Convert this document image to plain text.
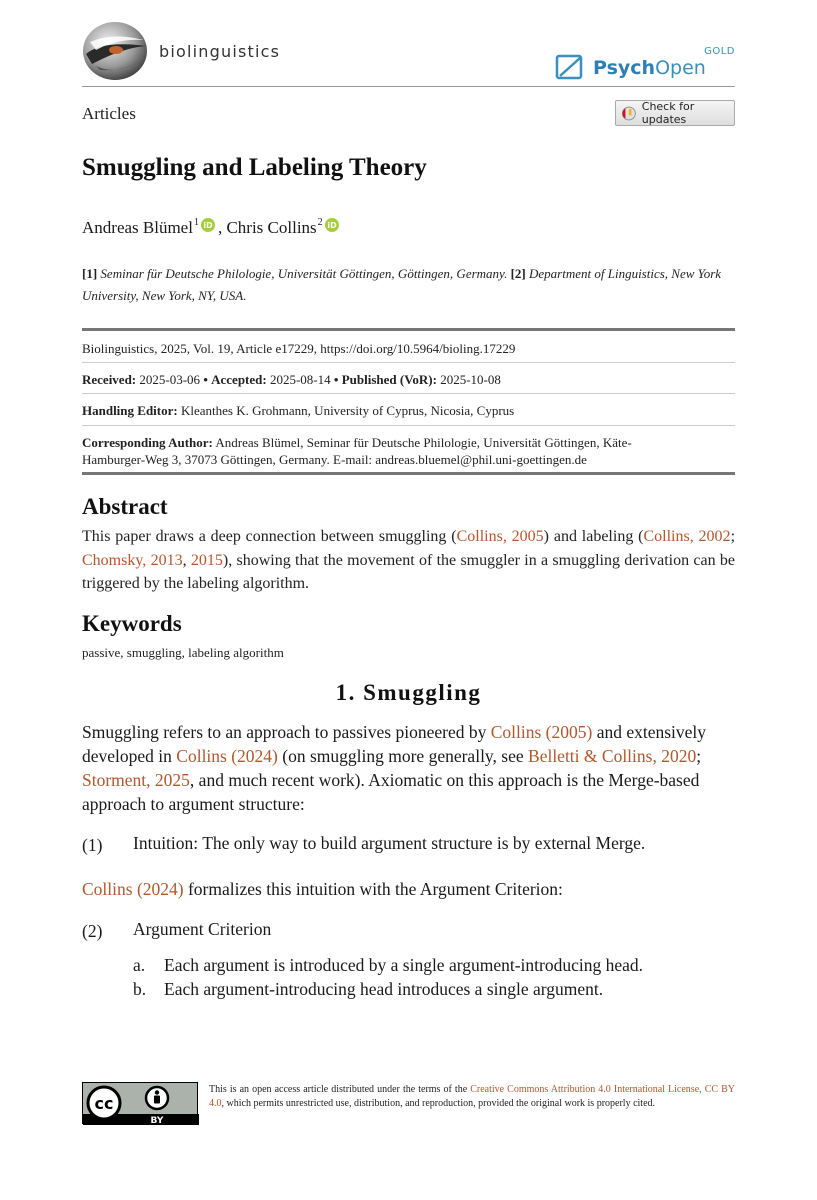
biolinguistics
PsychOpen
GOLD
Articles	Check for updates
Smuggling and Labeling Theory
Andreas Blümel$^1$ iD , Chris Collins$^2$ iD
[1] Seminar für Deutsche Philologie, Universität Göttingen, Göttingen, Germany. [2] Department of Linguistics, New York University, New York, NY, USA.
Biolinguistics, 2025, Vol. 19, Article e17229, https://doi.org/10.5964/bioling.17229
Received: 2025-03-06 • Accepted: 2025-08-14 • Published (VoR): 2025-10-08
Handling Editor: Kleanthes K. Grohmann, University of Cyprus, Nicosia, Cyprus
Corresponding Author: Andreas Blümel, Seminar für Deutsche Philologie, Universität Göttingen, Käte-
Hamburger-Weg 3, 37073 Göttingen, Germany. E-mail: andreas.bluemel@phil.uni-goettingen.de
Abstract
This paper draws a deep connection between smuggling (Collins, 2005) and labeling (Collins, 2002; Chomsky, 2013, 2015), showing that the movement of the smuggler in a smuggling derivation can be triggered by the labeling algorithm.
Keywords
passive, smuggling, labeling algorithm
1. Smuggling
Smuggling refers to an approach to passives pioneered by Collins (2005) and extensively developed in Collins (2024) (on smuggling more generally, see Belletti & Collins, 2020; Storment, 2025, and much recent work). Axiomatic on this approach is the Merge-based approach to argument structure:
(1) Intuition: The only way to build argument structure is by external Merge.
Collins (2024) formalizes this intuition with the Argument Criterion:
(2) Argument Criterion
a. Each argument is introduced by a single argument-introducing head.
b. Each argument-introducing head introduces a single argument.
cc
BY
This is an open access article distributed under the terms of the Creative Commons Attribution 4.0 International License, CC BY 4.0, which permits unrestricted use, distribution, and reproduction, provided the original work is properly cited.
